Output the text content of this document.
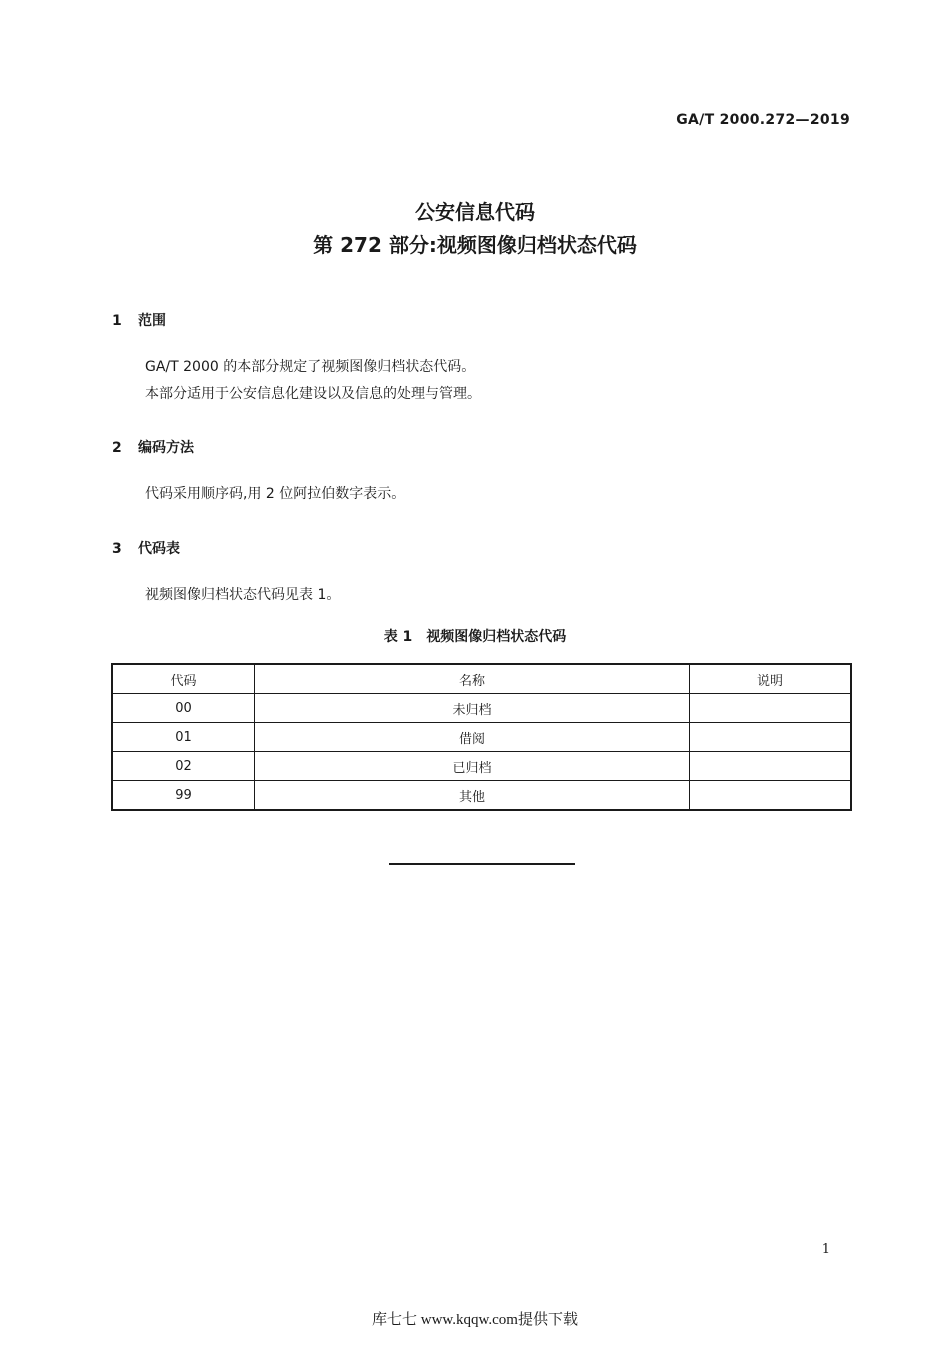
GA/T 2000.272—2019
公安信息代码
第 272 部分:视频图像归档状态代码
1 范围
GA/T 2000 的本部分规定了视频图像归档状态代码。
本部分适用于公安信息化建设以及信息的处理与管理。
2 编码方法
代码采用顺序码,用 2 位阿拉伯数字表示。
3 代码表
视频图像归档状态代码见表 1。
表 1 视频图像归档状态代码
代码	名称	说明
00	未归档	
01	借阅	
02	已归档	
99	其他	
1
库七七 www.kqqw.com提供下载
